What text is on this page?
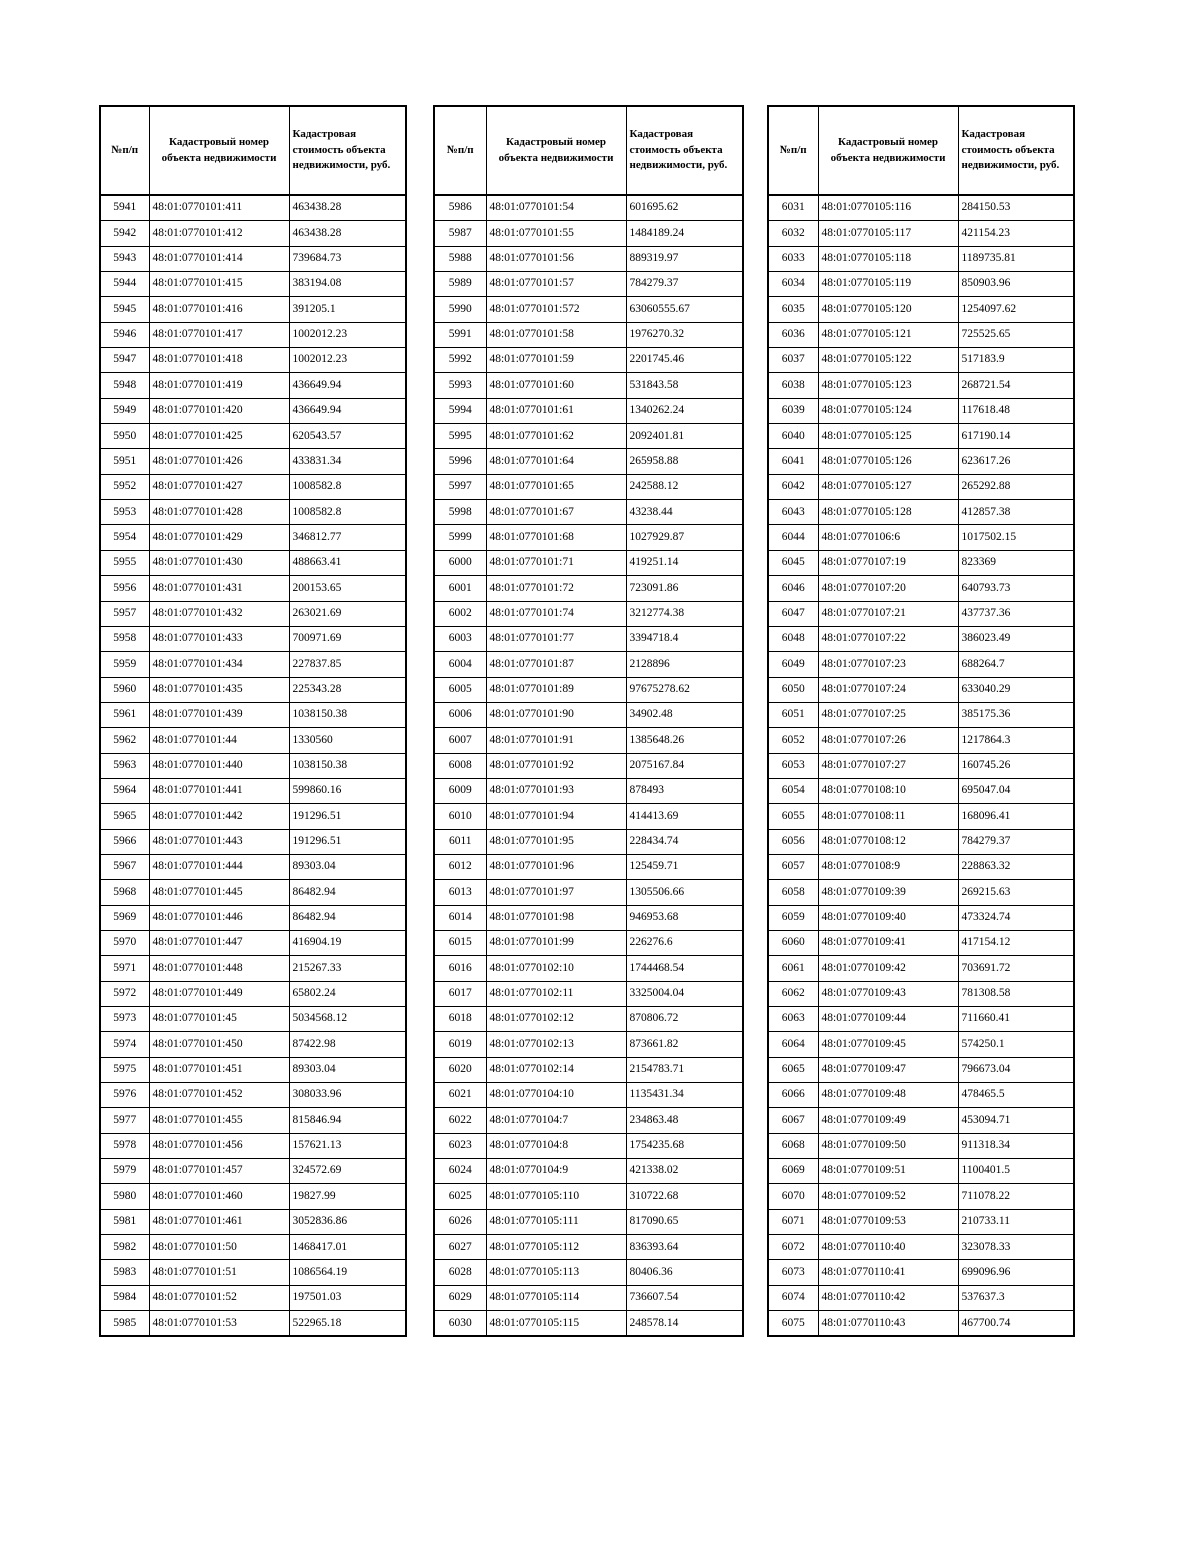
№п/п	Кадастровый номер объекта недвижимости	Кадастровая стоимость объекта недвижимости, руб.
5941	48:01:0770101:411	463438.28
5942	48:01:0770101:412	463438.28
5943	48:01:0770101:414	739684.73
5944	48:01:0770101:415	383194.08
5945	48:01:0770101:416	391205.1
5946	48:01:0770101:417	1002012.23
5947	48:01:0770101:418	1002012.23
5948	48:01:0770101:419	436649.94
5949	48:01:0770101:420	436649.94
5950	48:01:0770101:425	620543.57
5951	48:01:0770101:426	433831.34
5952	48:01:0770101:427	1008582.8
5953	48:01:0770101:428	1008582.8
5954	48:01:0770101:429	346812.77
5955	48:01:0770101:430	488663.41
5956	48:01:0770101:431	200153.65
5957	48:01:0770101:432	263021.69
5958	48:01:0770101:433	700971.69
5959	48:01:0770101:434	227837.85
5960	48:01:0770101:435	225343.28
5961	48:01:0770101:439	1038150.38
5962	48:01:0770101:44	1330560
5963	48:01:0770101:440	1038150.38
5964	48:01:0770101:441	599860.16
5965	48:01:0770101:442	191296.51
5966	48:01:0770101:443	191296.51
5967	48:01:0770101:444	89303.04
5968	48:01:0770101:445	86482.94
5969	48:01:0770101:446	86482.94
5970	48:01:0770101:447	416904.19
5971	48:01:0770101:448	215267.33
5972	48:01:0770101:449	65802.24
5973	48:01:0770101:45	5034568.12
5974	48:01:0770101:450	87422.98
5975	48:01:0770101:451	89303.04
5976	48:01:0770101:452	308033.96
5977	48:01:0770101:455	815846.94
5978	48:01:0770101:456	157621.13
5979	48:01:0770101:457	324572.69
5980	48:01:0770101:460	19827.99
5981	48:01:0770101:461	3052836.86
5982	48:01:0770101:50	1468417.01
5983	48:01:0770101:51	1086564.19
5984	48:01:0770101:52	197501.03
5985	48:01:0770101:53	522965.18
№п/п	Кадастровый номер объекта недвижимости	Кадастровая стоимость объекта недвижимости, руб.
5986	48:01:0770101:54	601695.62
5987	48:01:0770101:55	1484189.24
5988	48:01:0770101:56	889319.97
5989	48:01:0770101:57	784279.37
5990	48:01:0770101:572	63060555.67
5991	48:01:0770101:58	1976270.32
5992	48:01:0770101:59	2201745.46
5993	48:01:0770101:60	531843.58
5994	48:01:0770101:61	1340262.24
5995	48:01:0770101:62	2092401.81
5996	48:01:0770101:64	265958.88
5997	48:01:0770101:65	242588.12
5998	48:01:0770101:67	43238.44
5999	48:01:0770101:68	1027929.87
6000	48:01:0770101:71	419251.14
6001	48:01:0770101:72	723091.86
6002	48:01:0770101:74	3212774.38
6003	48:01:0770101:77	3394718.4
6004	48:01:0770101:87	2128896
6005	48:01:0770101:89	97675278.62
6006	48:01:0770101:90	34902.48
6007	48:01:0770101:91	1385648.26
6008	48:01:0770101:92	2075167.84
6009	48:01:0770101:93	878493
6010	48:01:0770101:94	414413.69
6011	48:01:0770101:95	228434.74
6012	48:01:0770101:96	125459.71
6013	48:01:0770101:97	1305506.66
6014	48:01:0770101:98	946953.68
6015	48:01:0770101:99	226276.6
6016	48:01:0770102:10	1744468.54
6017	48:01:0770102:11	3325004.04
6018	48:01:0770102:12	870806.72
6019	48:01:0770102:13	873661.82
6020	48:01:0770102:14	2154783.71
6021	48:01:0770104:10	1135431.34
6022	48:01:0770104:7	234863.48
6023	48:01:0770104:8	1754235.68
6024	48:01:0770104:9	421338.02
6025	48:01:0770105:110	310722.68
6026	48:01:0770105:111	817090.65
6027	48:01:0770105:112	836393.64
6028	48:01:0770105:113	80406.36
6029	48:01:0770105:114	736607.54
6030	48:01:0770105:115	248578.14
№п/п	Кадастровый номер объекта недвижимости	Кадастровая стоимость объекта недвижимости, руб.
6031	48:01:0770105:116	284150.53
6032	48:01:0770105:117	421154.23
6033	48:01:0770105:118	1189735.81
6034	48:01:0770105:119	850903.96
6035	48:01:0770105:120	1254097.62
6036	48:01:0770105:121	725525.65
6037	48:01:0770105:122	517183.9
6038	48:01:0770105:123	268721.54
6039	48:01:0770105:124	117618.48
6040	48:01:0770105:125	617190.14
6041	48:01:0770105:126	623617.26
6042	48:01:0770105:127	265292.88
6043	48:01:0770105:128	412857.38
6044	48:01:0770106:6	1017502.15
6045	48:01:0770107:19	823369
6046	48:01:0770107:20	640793.73
6047	48:01:0770107:21	437737.36
6048	48:01:0770107:22	386023.49
6049	48:01:0770107:23	688264.7
6050	48:01:0770107:24	633040.29
6051	48:01:0770107:25	385175.36
6052	48:01:0770107:26	1217864.3
6053	48:01:0770107:27	160745.26
6054	48:01:0770108:10	695047.04
6055	48:01:0770108:11	168096.41
6056	48:01:0770108:12	784279.37
6057	48:01:0770108:9	228863.32
6058	48:01:0770109:39	269215.63
6059	48:01:0770109:40	473324.74
6060	48:01:0770109:41	417154.12
6061	48:01:0770109:42	703691.72
6062	48:01:0770109:43	781308.58
6063	48:01:0770109:44	711660.41
6064	48:01:0770109:45	574250.1
6065	48:01:0770109:47	796673.04
6066	48:01:0770109:48	478465.5
6067	48:01:0770109:49	453094.71
6068	48:01:0770109:50	911318.34
6069	48:01:0770109:51	1100401.5
6070	48:01:0770109:52	711078.22
6071	48:01:0770109:53	210733.11
6072	48:01:0770110:40	323078.33
6073	48:01:0770110:41	699096.96
6074	48:01:0770110:42	537637.3
6075	48:01:0770110:43	467700.74
